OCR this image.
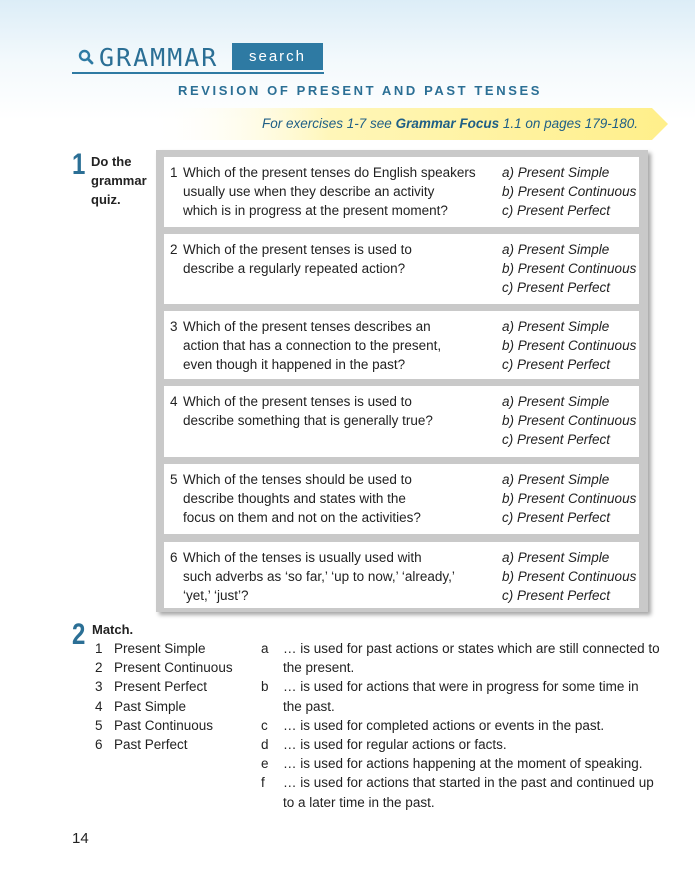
GRAMMAR	search
REVISION OF PRESENT AND PAST TENSES
For exercises 1-7 see Grammar Focus 1.1 on pages 179-180.
1 Do the
grammar
quiz.
1 Which of the present tenses do English speakers
usually use when they describe an activity
which is in progress at the present moment?
a) Present Simple
b) Present Continuous
c) Present Perfect
2 Which of the present tenses is used to
describe a regularly repeated action?
a) Present Simple
b) Present Continuous
c) Present Perfect
3 Which of the present tenses describes an
action that has a connection to the present,
even though it happened in the past?
a) Present Simple
b) Present Continuous
c) Present Perfect
4 Which of the present tenses is used to
describe something that is generally true?
a) Present Simple
b) Present Continuous
c) Present Perfect
5 Which of the tenses should be used to
describe thoughts and states with the
focus on them and not on the activities?
a) Present Simple
b) Present Continuous
c) Present Perfect
6 Which of the tenses is usually used with
such adverbs as ‘so far,’ ‘up to now,’ ‘already,’
‘yet,’ ‘just’?
a) Present Simple
b) Present Continuous
c) Present Perfect
2 Match.
1 Present Simple
2 Present Continuous
3 Present Perfect
4 Past Simple
5 Past Continuous
6 Past Perfect
a … is used for past actions or states which are still connected to the present.
b … is used for actions that were in progress for some time in the past.
c … is used for completed actions or events in the past.
d … is used for regular actions or facts.
e … is used for actions happening at the moment of speaking.
f … is used for actions that started in the past and continued up to a later time in the past.
14
